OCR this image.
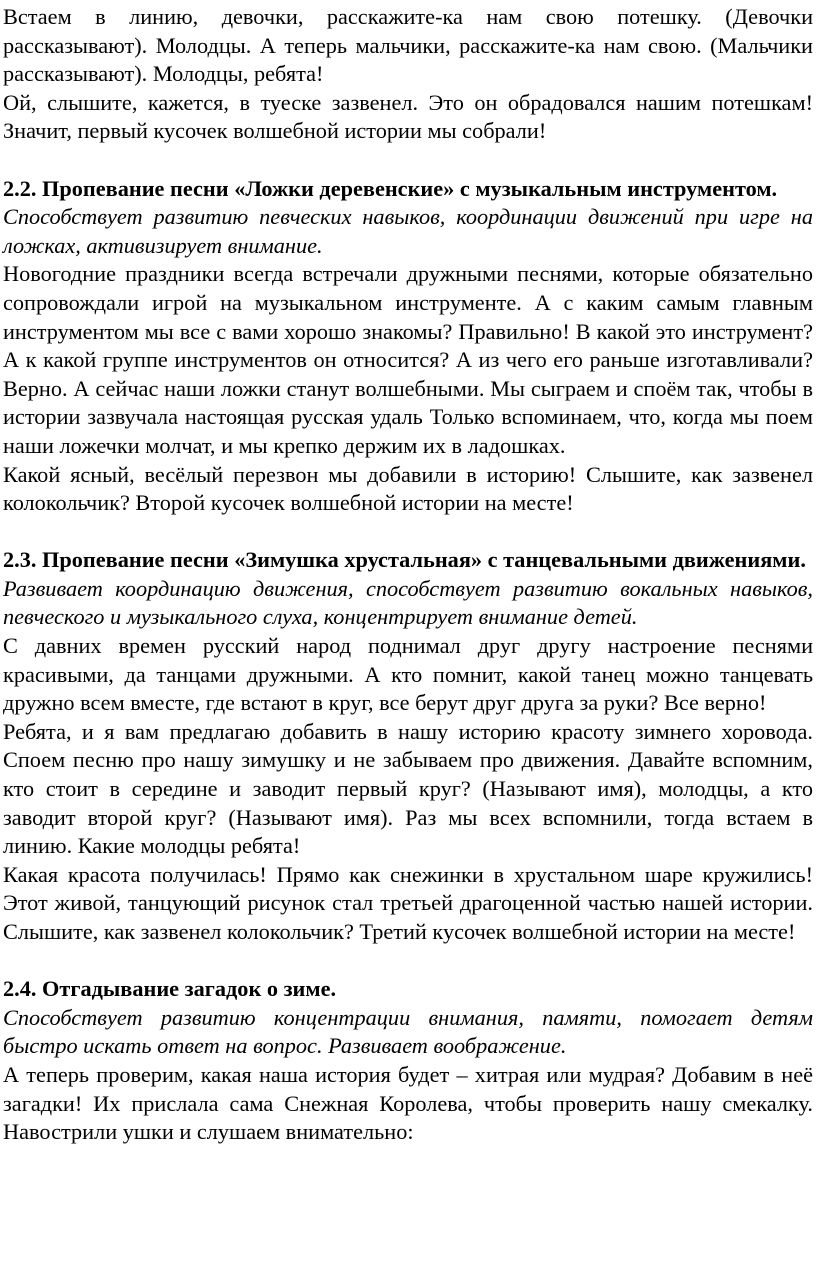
Встаем в линию, девочки, расскажите-ка нам свою потешку. (Девочки рассказывают). Молодцы. А теперь мальчики, расскажите-ка нам свою. (Мальчики рассказывают). Молодцы, ребята!

Ой, слышите, кажется, в туеске зазвенел. Это он обрадовался нашим потешкам! Значит, первый кусочек волшебной истории мы собрали!

2.2. Пропевание песни «Ложки деревенские» с музыкальным инструментом.

Способствует развитию певческих навыков, координации движений при игре на ложках, активизирует внимание.

Новогодние праздники всегда встречали дружными песнями, которые обязательно сопровождали игрой на музыкальном инструменте. А с каким самым главным инструментом мы все с вами хорошо знакомы? Правильно! В какой это инструмент? А к какой группе инструментов он относится? А из чего его раньше изготавливали? Верно. А сейчас наши ложки станут волшебными. Мы сыграем и споём так, чтобы в истории зазвучала настоящая русская удаль Только вспоминаем, что, когда мы поем наши ложечки молчат, и мы крепко держим их в ладошках.

Какой ясный, весёлый перезвон мы добавили в историю! Слышите, как зазвенел колокольчик? Второй кусочек волшебной истории на месте!

2.3. Пропевание песни «Зимушка хрустальная» с танцевальными движениями.

Развивает координацию движения, способствует развитию вокальных навыков, певческого и музыкального слуха, концентрирует внимание детей.

С давних времен русский народ поднимал друг другу настроение песнями красивыми, да танцами дружными. А кто помнит, какой танец можно танцевать дружно всем вместе, где встают в круг, все берут друг друга за руки? Все верно!

Ребята, и я вам предлагаю добавить в нашу историю красоту зимнего хоровода. Споем песню про нашу зимушку и не забываем про движения. Давайте вспомним, кто стоит в середине и заводит первый круг? (Называют имя), молодцы, а кто заводит второй круг? (Называют имя). Раз мы всех вспомнили, тогда встаем в линию. Какие молодцы ребята!

Какая красота получилась! Прямо как снежинки в хрустальном шаре кружились! Этот живой, танцующий рисунок стал третьей драгоценной частью нашей истории. Слышите, как зазвенел колокольчик? Третий кусочек волшебной истории на месте!

2.4. Отгадывание загадок о зиме.

Способствует развитию концентрации внимания, памяти, помогает детям быстро искать ответ на вопрос. Развивает воображение.

А теперь проверим, какая наша история будет – хитрая или мудрая? Добавим в неё загадки! Их прислала сама Снежная Королева, чтобы проверить нашу смекалку. Навострили ушки и слушаем внимательно:
